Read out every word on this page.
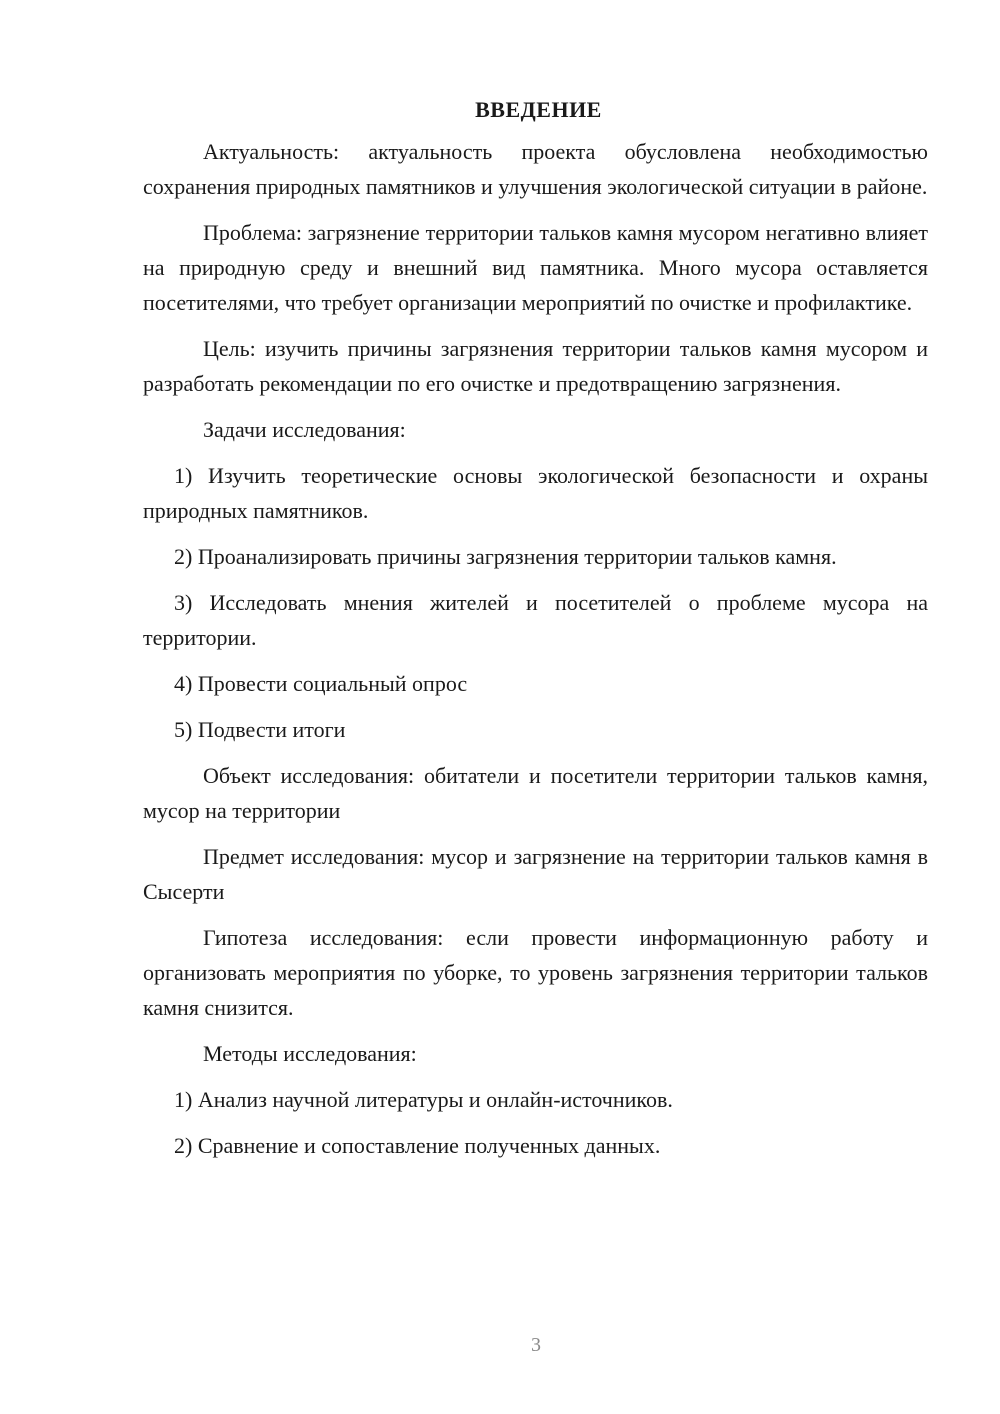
ВВЕДЕНИЕ

Актуальность: актуальность проекта обусловлена необходимостью сохранения природных памятников и улучшения экологической ситуации в районе.

Проблема: загрязнение территории тальков камня мусором негативно влияет на природную среду и внешний вид памятника. Много мусора оставляется посетителями, что требует организации мероприятий по очистке и профилактике.

Цель: изучить причины загрязнения территории тальков камня мусором и разработать рекомендации по его очистке и предотвращению загрязнения.

Задачи исследования:

1) Изучить теоретические основы экологической безопасности и охраны природных памятников.

2) Проанализировать причины загрязнения территории тальков камня.

3) Исследовать мнения жителей и посетителей о проблеме мусора на территории.

4) Провести социальный опрос

5) Подвести итоги

Объект исследования: обитатели и посетители территории тальков камня, мусор на территории

Предмет исследования: мусор и загрязнение на территории тальков камня в Сысерти

Гипотеза исследования: если провести информационную работу и организовать мероприятия по уборке, то уровень загрязнения территории тальков камня снизится.

Методы исследования:

1) Анализ научной литературы и онлайн-источников.

2) Сравнение и сопоставление полученных данных.

3
